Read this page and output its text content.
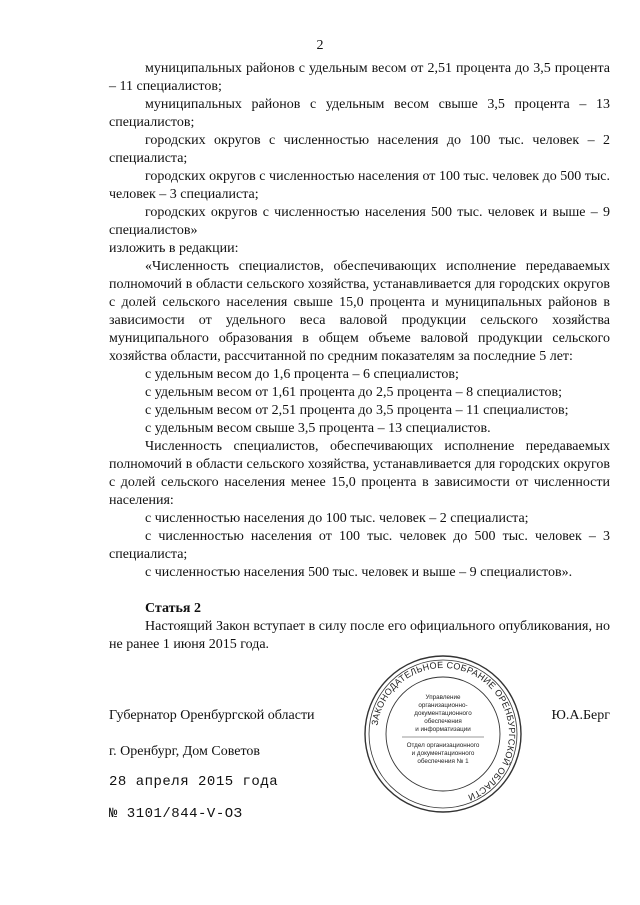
2

муниципальных районов с удельным весом от 2,51 процента до 3,5 процента – 11 специалистов;

муниципальных районов с удельным весом свыше 3,5 процента – 13 специалистов;

городских округов с численностью населения до 100 тыс. человек – 2 специалиста;

городских округов с численностью населения от 100 тыс. человек до 500 тыс. человек – 3 специалиста;

городских округов с численностью населения 500 тыс. человек и выше – 9 специалистов»

изложить в редакции:

«Численность специалистов, обеспечивающих исполнение передаваемых полномочий в области сельского хозяйства, устанавливается для городских округов с долей сельского населения свыше 15,0 процента и муниципальных районов в зависимости от удельного веса валовой продукции сельского хозяйства муниципального образования в общем объеме валовой продукции сельского хозяйства области, рассчитанной по средним показателям за последние 5 лет:

с удельным весом до 1,6 процента – 6 специалистов;

с удельным весом от 1,61 процента до 2,5 процента – 8 специалистов;

с удельным весом от 2,51 процента до 3,5 процента – 11 специалистов;

с удельным весом свыше 3,5 процента – 13 специалистов.

Численность специалистов, обеспечивающих исполнение передаваемых полномочий в области сельского хозяйства, устанавливается для городских округов с долей сельского населения менее 15,0 процента в зависимости от численности населения:

с численностью населения до 100 тыс. человек – 2 специалиста;

с численностью населения от 100 тыс. человек до 500 тыс. человек – 3 специалиста;

с численностью населения 500 тыс. человек и выше – 9 специалистов».

Статья 2

Настоящий Закон вступает в силу после его официального опубликования, но не ранее 1 июня 2015 года.

Губернатор Оренбургской области	Ю.А.Берг
г. Оренбург, Дом Советов
28 апреля 2015 года
№ 3101/844-V-ОЗ
ЗАКОНОДАТЕЛЬНОЕ СОБРАНИЕ ОРЕНБУРГСКОЙ ОБЛАСТИ
Управление
организационно-
документационного
обеспечения
и информатизации
Отдел организационного
и документационного
обеспечения № 1
